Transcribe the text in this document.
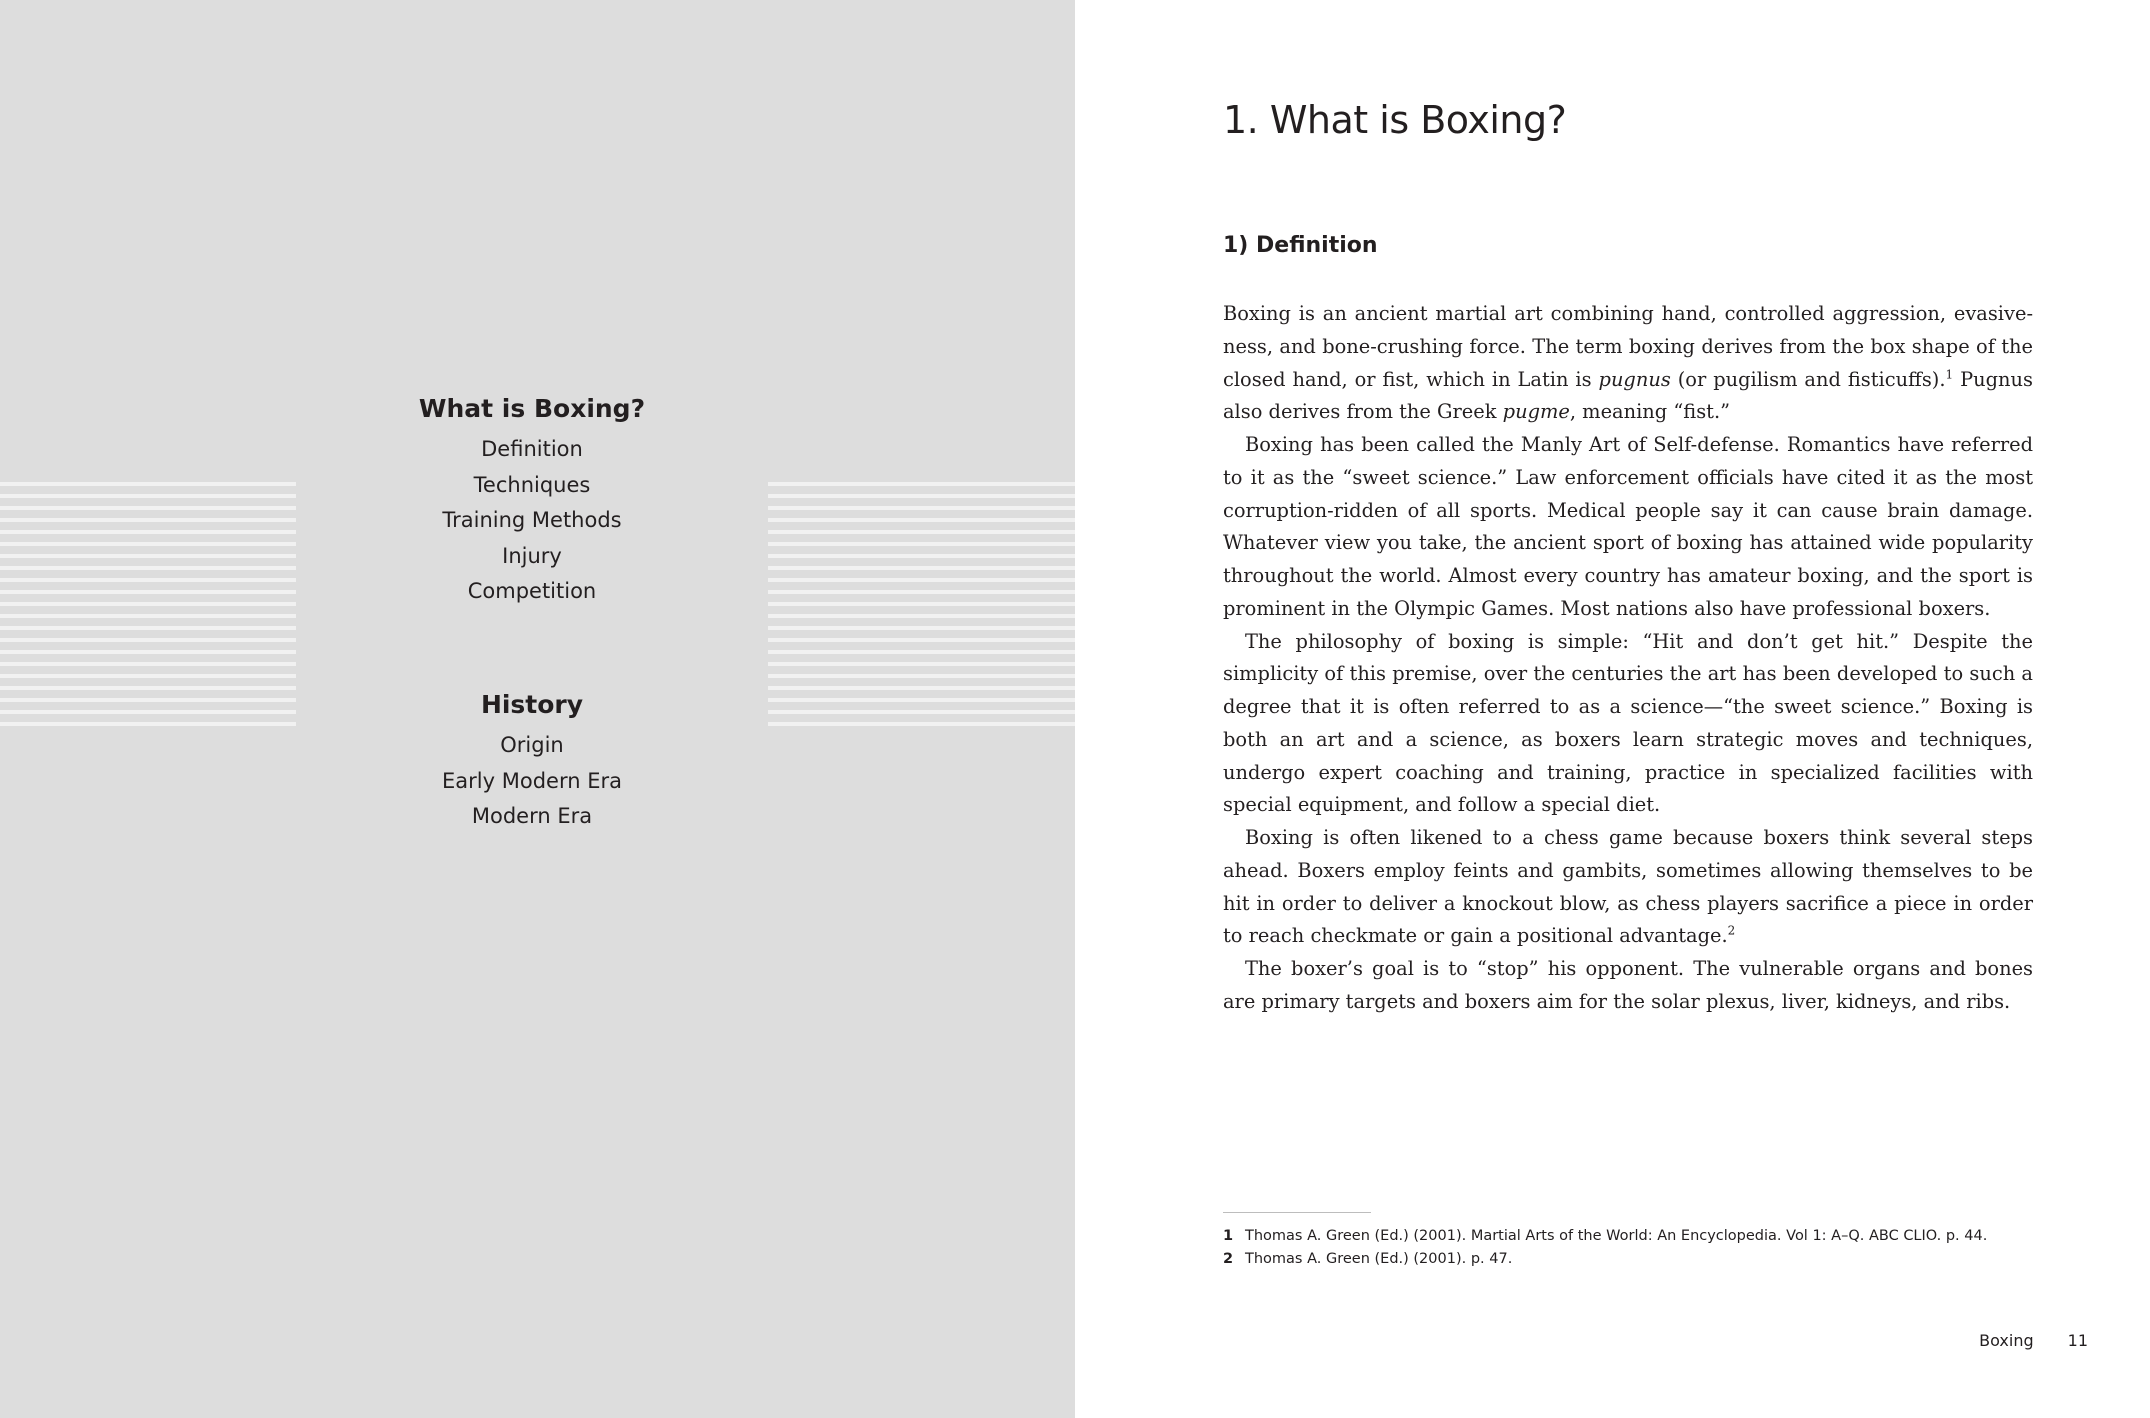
What is Boxing?
Definition
Techniques
Training Methods
Injury
Competition
History
Origin
Early Modern Era
Modern Era
1. What is Boxing?
1) Definition

Boxing is an ancient martial art combining hand, controlled aggression, evasiveness, and bone-crushing force. The term boxing derives from the box shape of the closed hand, or fist, which in Latin is pugnus (or pugilism and fisticuffs).$^1$ Pugnus also derives from the Greek pugme, meaning “fist.”

Boxing has been called the Manly Art of Self-defense. Romantics have referred to it as the “sweet science.” Law enforcement officials have cited it as the most corruption-ridden of all sports. Medical people say it can cause brain damage. Whatever view you take, the ancient sport of boxing has attained wide popularity throughout the world. Almost every country has amateur boxing, and the sport is prominent in the Olympic Games. Most nations also have professional boxers.

The philosophy of boxing is simple: “Hit and don’t get hit.” Despite the simplicity of this premise, over the centuries the art has been developed to such a degree that it is often referred to as a science—“the sweet science.” Boxing is both an art and a science, as boxers learn strategic moves and techniques, undergo expert coaching and training, practice in specialized facilities with special equipment, and follow a special diet.

Boxing is often likened to a chess game because boxers think several steps ahead. Boxers employ feints and gambits, sometimes allowing themselves to be hit in order to deliver a knockout blow, as chess players sacrifice a piece in order to reach checkmate or gain a positional advantage.$^2$

The boxer’s goal is to “stop” his opponent. The vulnerable organs and bones are primary targets and boxers aim for the solar plexus, liver, kidneys, and ribs.

1 Thomas A. Green (Ed.) (2001). Martial Arts of the World: An Encyclopedia. Vol 1: A–Q. ABC CLIO. p. 44.
2 Thomas A. Green (Ed.) (2001). p. 47.
Boxing 11
